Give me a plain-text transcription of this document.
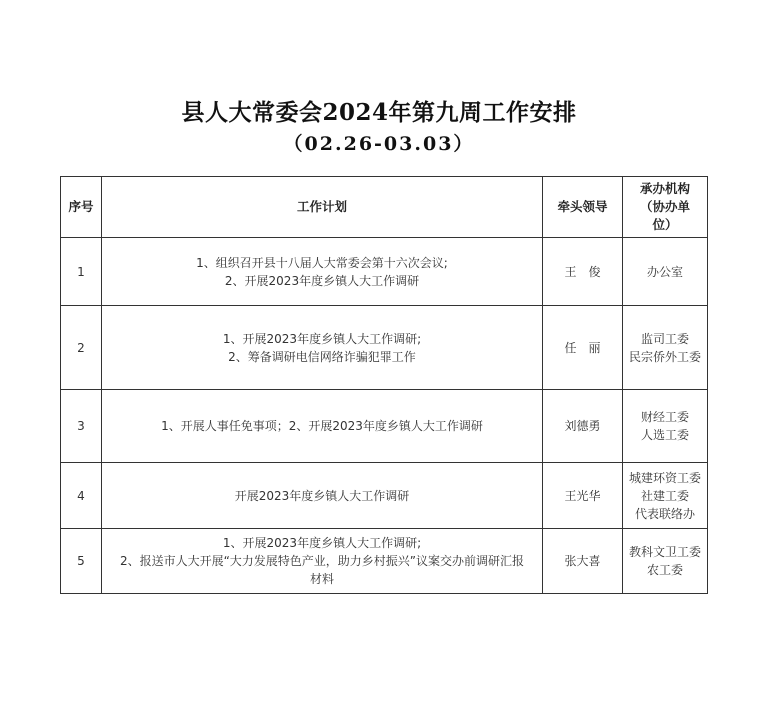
县人大常委会2024年第九周工作安排
（02.26-03.03）
序号	工作计划	牵头领导	承办机构
（协办单
位）

1	1、组织召开县十八届人大常委会第十六次会议;
2、开展2023年度乡镇人大工作调研	王　俊	办公室

2	1、开展2023年度乡镇人大工作调研;
2、筹备调研电信网络诈骗犯罪工作	任　丽	监司工委
民宗侨外工委

3	1、开展人事任免事项；2、开展2023年度乡镇人大工作调研	刘德勇	财经工委
人选工委

4	开展2023年度乡镇人大工作调研	王光华	城建环资工委
社建工委
代表联络办

5	1、开展2023年度乡镇人大工作调研;
2、报送市人大开展“大力发展特色产业，助力乡村振兴”议案交办前调研汇报
材料	张大喜	教科文卫工委
农工委
